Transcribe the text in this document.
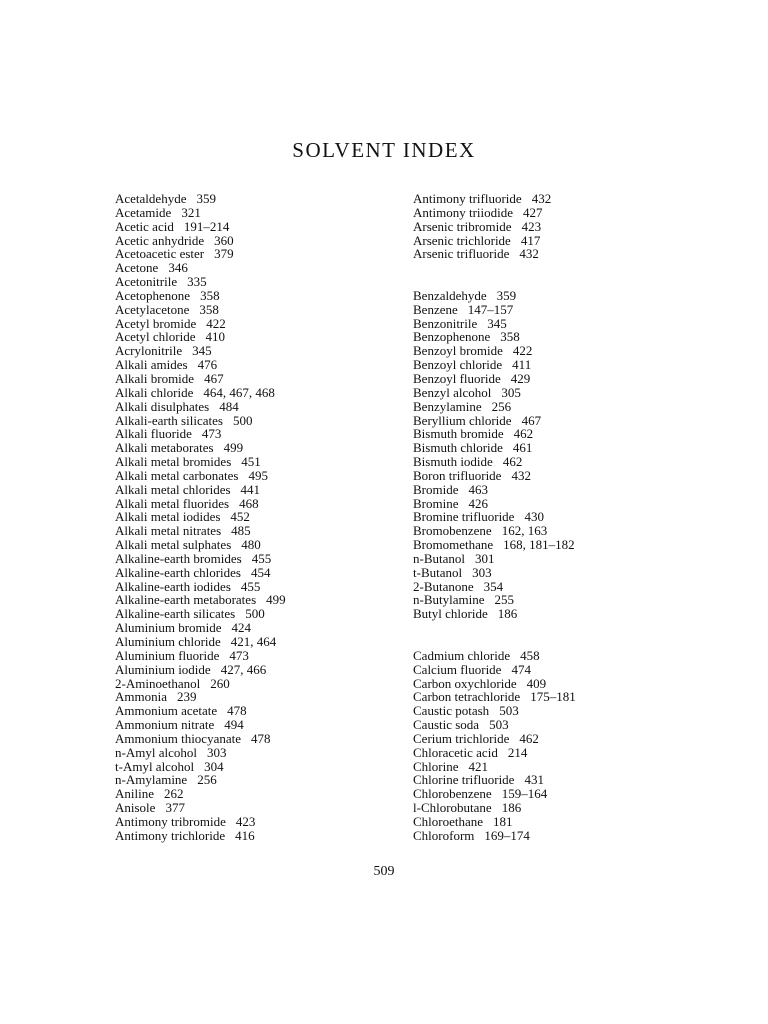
SOLVENT INDEX
Acetaldehyde 359
Acetamide 321
Acetic acid 191–214
Acetic anhydride 360
Acetoacetic ester 379
Acetone 346
Acetonitrile 335
Acetophenone 358
Acetylacetone 358
Acetyl bromide 422
Acetyl chloride 410
Acrylonitrile 345
Alkali amides 476
Alkali bromide 467
Alkali chloride 464, 467, 468
Alkali disulphates 484
Alkali-earth silicates 500
Alkali fluoride 473
Alkali metaborates 499
Alkali metal bromides 451
Alkali metal carbonates 495
Alkali metal chlorides 441
Alkali metal fluorides 468
Alkali metal iodides 452
Alkali metal nitrates 485
Alkali metal sulphates 480
Alkaline-earth bromides 455
Alkaline-earth chlorides 454
Alkaline-earth iodides 455
Alkaline-earth metaborates 499
Alkaline-earth silicates 500
Aluminium bromide 424
Aluminium chloride 421, 464
Aluminium fluoride 473
Aluminium iodide 427, 466
2-Aminoethanol 260
Ammonia 239
Ammonium acetate 478
Ammonium nitrate 494
Ammonium thiocyanate 478
n-Amyl alcohol 303
t-Amyl alcohol 304
n-Amylamine 256
Aniline 262
Anisole 377
Antimony tribromide 423
Antimony trichloride 416
Antimony trifluoride 432
Antimony triiodide 427
Arsenic tribromide 423
Arsenic trichloride 417
Arsenic trifluoride 432
Benzaldehyde 359
Benzene 147–157
Benzonitrile 345
Benzophenone 358
Benzoyl bromide 422
Benzoyl chloride 411
Benzoyl fluoride 429
Benzyl alcohol 305
Benzylamine 256
Beryllium chloride 467
Bismuth bromide 462
Bismuth chloride 461
Bismuth iodide 462
Boron trifluoride 432
Bromide 463
Bromine 426
Bromine trifluoride 430
Bromobenzene 162, 163
Bromomethane 168, 181–182
n-Butanol 301
t-Butanol 303
2-Butanone 354
n-Butylamine 255
Butyl chloride 186
Cadmium chloride 458
Calcium fluoride 474
Carbon oxychloride 409
Carbon tetrachloride 175–181
Caustic potash 503
Caustic soda 503
Cerium trichloride 462
Chloracetic acid 214
Chlorine 421
Chlorine trifluoride 431
Chlorobenzene 159–164
l-Chlorobutane 186
Chloroethane 181
Chloroform 169–174
509
